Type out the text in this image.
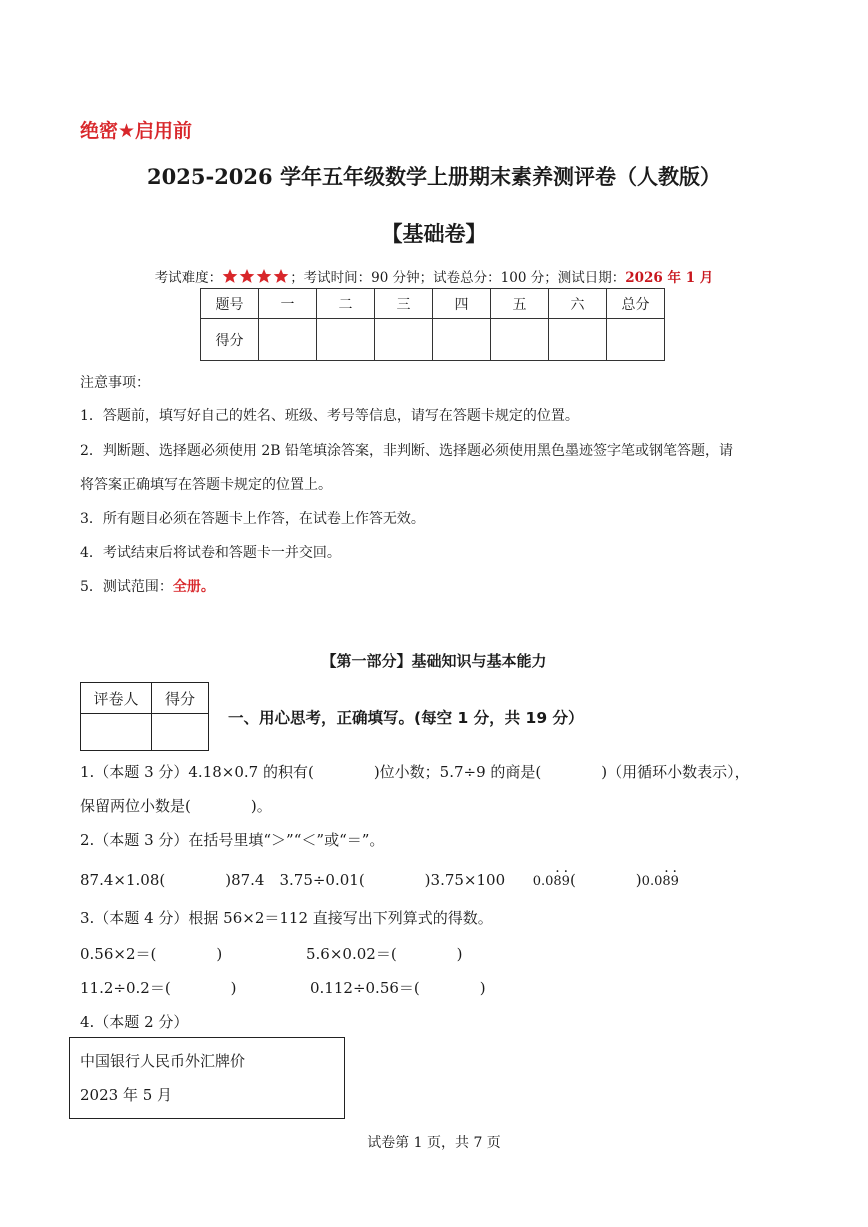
绝密★启用前
2025-2026 学年五年级数学上册期末素养测评卷（人教版）
【基础卷】
考试难度：	；考试时间：90 分钟；试卷总分：100 分；测试日期：2026 年 1 月
题号	一	二	三	四	五	六	总分
得分							
注意事项：
1．答题前，填写好自己的姓名、班级、考号等信息，请写在答题卡规定的位置。
2．判断题、选择题必须使用 2B 铅笔填涂答案，非判断、选择题必须使用黑色墨迹签字笔或钢笔答题，请
将答案正确填写在答题卡规定的位置上。
3．所有题目必须在答题卡上作答，在试卷上作答无效。
4．考试结束后将试卷和答题卡一并交回。
5．测试范围：全册。
【第一部分】基础知识与基本能力
评卷人	得分

一、用心思考，正确填写。(每空 1 分，共 19 分）
1.（本题 3 分）4.18×0.7 的积有(　　　　)位小数；5.7÷9 的商是(　　　　)（用循环小数表示），
保留两位小数是(　　　　)。
2.（本题 3 分）在括号里填“＞”“＜”或“＝”。
87.4×1.08(　　　　)87.4　3.75÷0.01(　　　　)3.75×100 0.08 ·9 ·(　　　　)0.08 ·9 ·
3.（本题 4 分）根据 56×2＝112 直接写出下列算式的得数。
0.56×2＝(　　　　)	5.6×0.02＝(　　　　)
11.2÷0.2＝(　　　　)	0.112÷0.56＝(　　　　)
4.（本题 2 分）
中国银行人民币外汇牌价
2023 年 5 月
试卷第 1 页，共 7 页
